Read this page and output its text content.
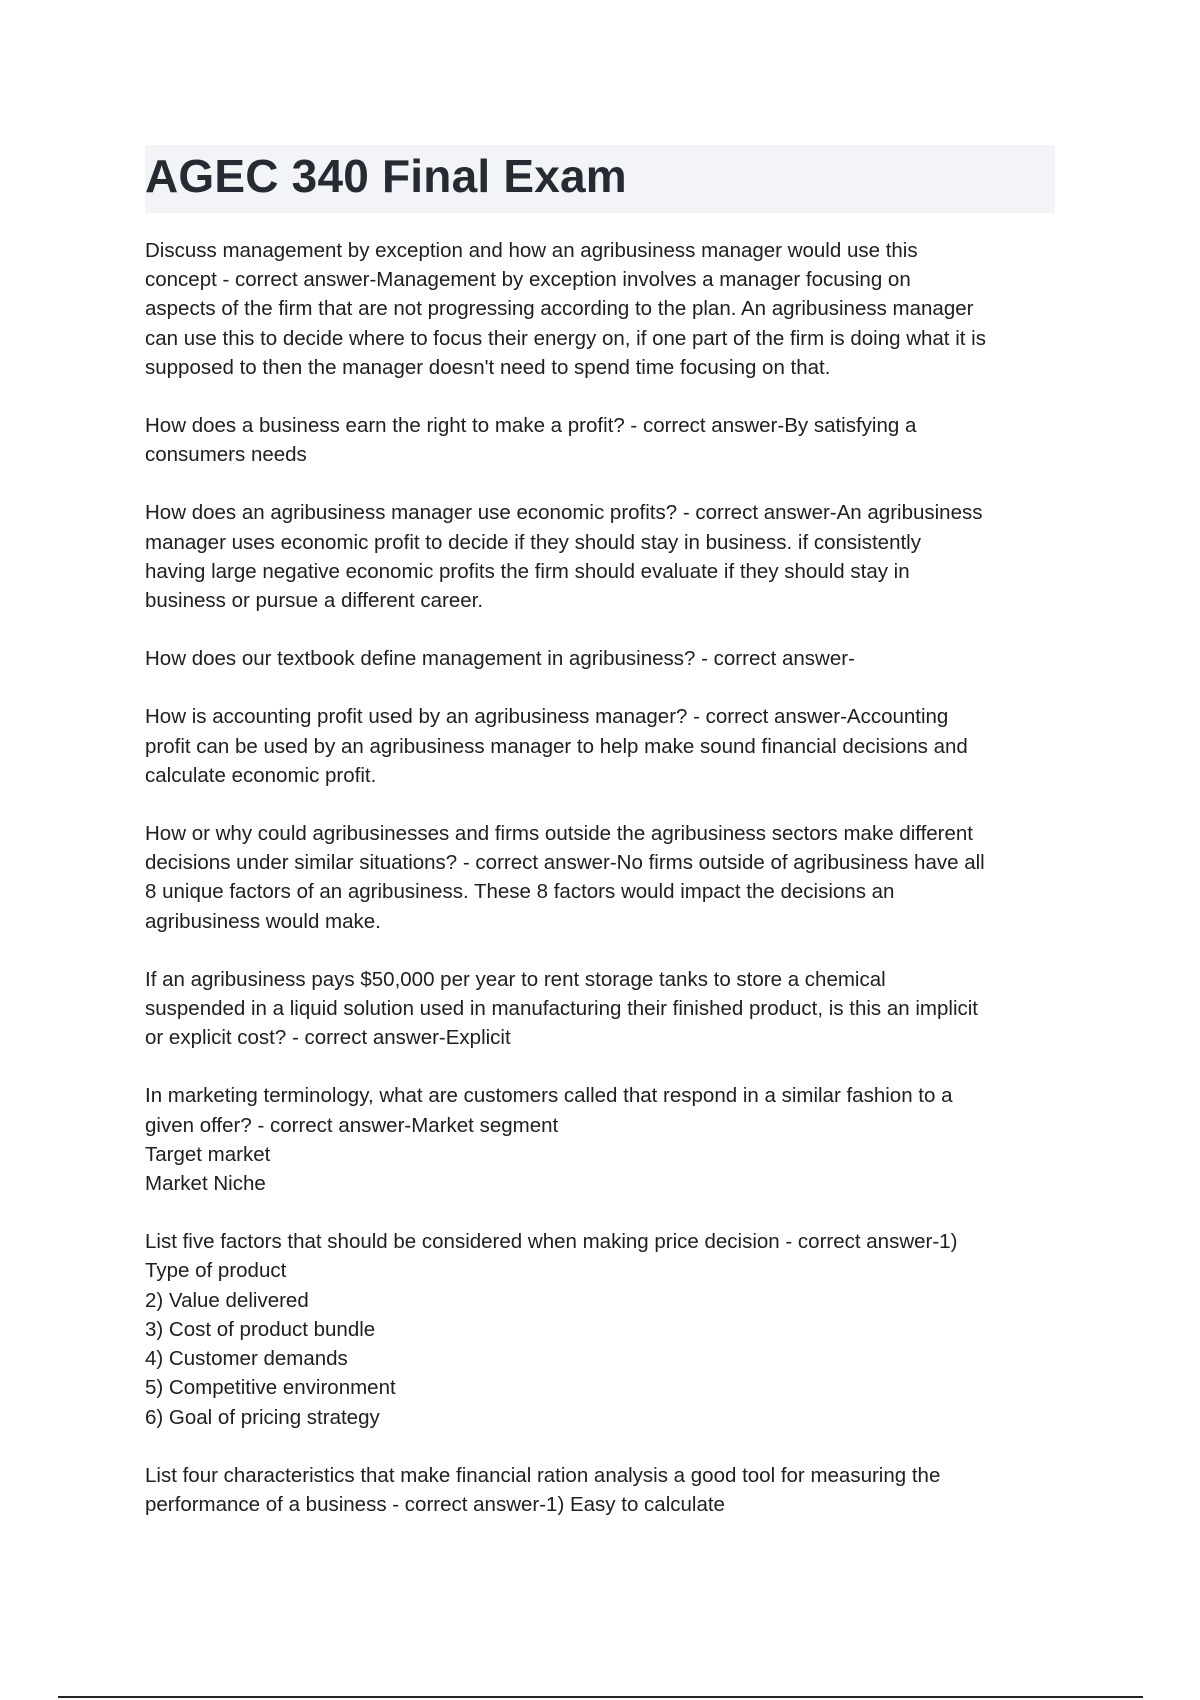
AGEC 340 Final Exam

Discuss management by exception and how an agribusiness manager would use this
concept - correct answer-Management by exception involves a manager focusing on
aspects of the firm that are not progressing according to the plan. An agribusiness manager
can use this to decide where to focus their energy on, if one part of the firm is doing what it is
supposed to then the manager doesn't need to spend time focusing on that.

How does a business earn the right to make a profit? - correct answer-By satisfying a
consumers needs

How does an agribusiness manager use economic profits? - correct answer-An agribusiness
manager uses economic profit to decide if they should stay in business. if consistently
having large negative economic profits the firm should evaluate if they should stay in
business or pursue a different career.

How does our textbook define management in agribusiness? - correct answer-

How is accounting profit used by an agribusiness manager? - correct answer-Accounting
profit can be used by an agribusiness manager to help make sound financial decisions and
calculate economic profit.

How or why could agribusinesses and firms outside the agribusiness sectors make different
decisions under similar situations? - correct answer-No firms outside of agribusiness have all
8 unique factors of an agribusiness. These 8 factors would impact the decisions an
agribusiness would make.

If an agribusiness pays $50,000 per year to rent storage tanks to store a chemical
suspended in a liquid solution used in manufacturing their finished product, is this an implicit
or explicit cost? - correct answer-Explicit

In marketing terminology, what are customers called that respond in a similar fashion to a
given offer? - correct answer-Market segment
Target market
Market Niche

List five factors that should be considered when making price decision - correct answer-1)
Type of product
2) Value delivered
3) Cost of product bundle
4) Customer demands
5) Competitive environment
6) Goal of pricing strategy

List four characteristics that make financial ration analysis a good tool for measuring the
performance of a business - correct answer-1) Easy to calculate
